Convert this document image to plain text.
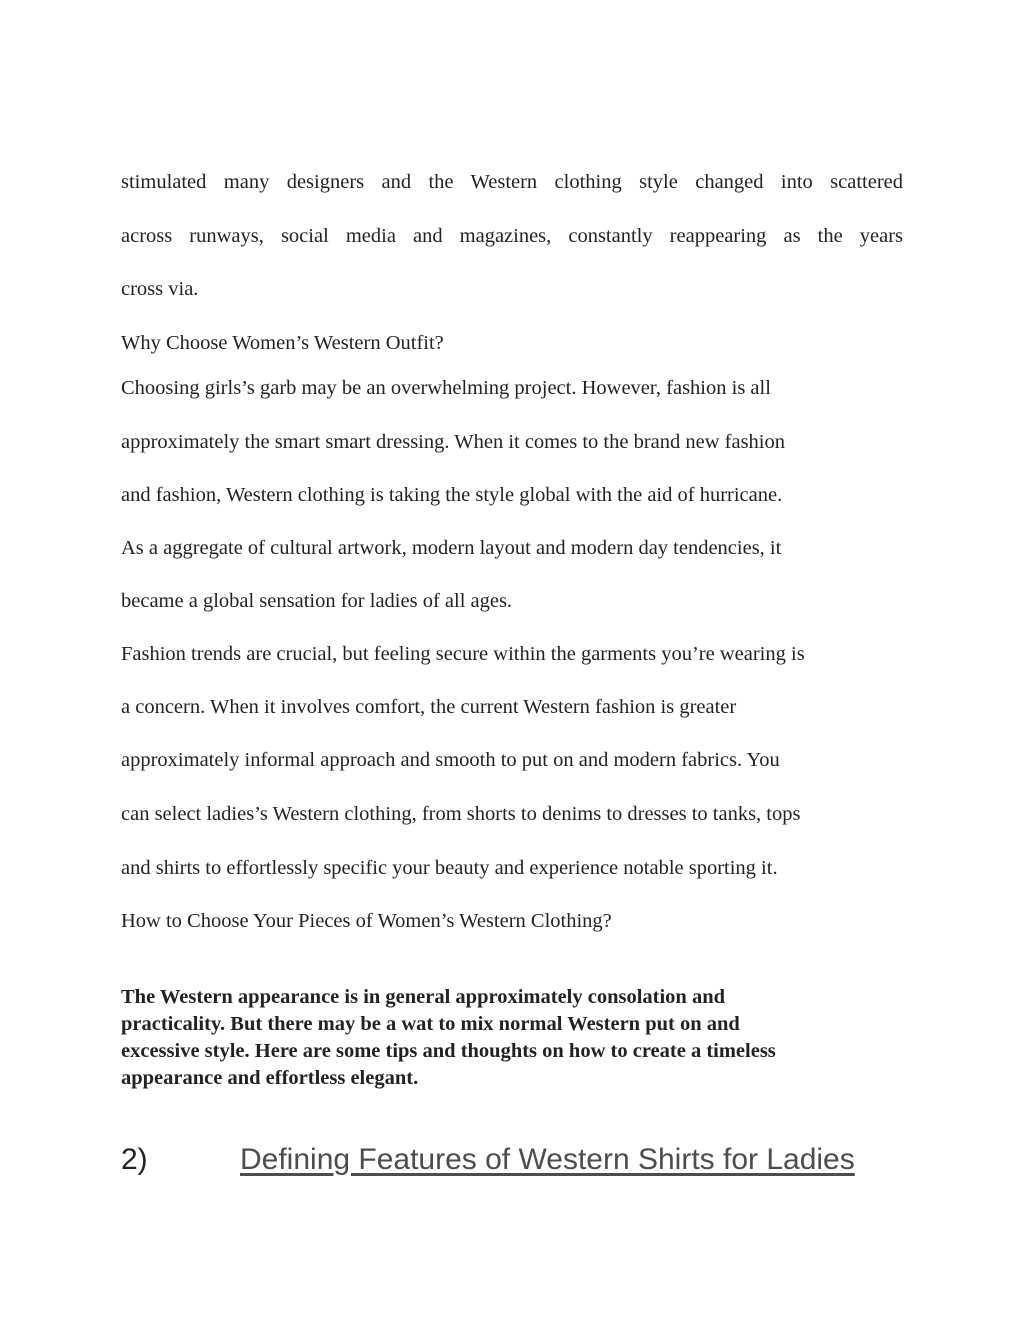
stimulated many designers and the Western clothing style changed into scattered
across runways, social media and magazines, constantly reappearing as the years
cross via.
Why Choose Women’s Western Outfit?
Choosing girls’s garb may be an overwhelming project. However, fashion is all
approximately the smart smart dressing. When it comes to the brand new fashion
and fashion, Western clothing is taking the style global with the aid of hurricane.
As a aggregate of cultural artwork, modern layout and modern day tendencies, it
became a global sensation for ladies of all ages.
Fashion trends are crucial, but feeling secure within the garments you’re wearing is
a concern. When it involves comfort, the current Western fashion is greater
approximately informal approach and smooth to put on and modern fabrics. You
can select ladies’s Western clothing, from shorts to denims to dresses to tanks, tops
and shirts to effortlessly specific your beauty and experience notable sporting it.
How to Choose Your Pieces of Women’s Western Clothing?
The Western appearance is in general approximately consolation and
practicality. But there may be a wat to mix normal Western put on and
excessive style. Here are some tips and thoughts on how to create a timeless
appearance and effortless elegant.
2)	Defining Features of Western Shirts for Ladies
